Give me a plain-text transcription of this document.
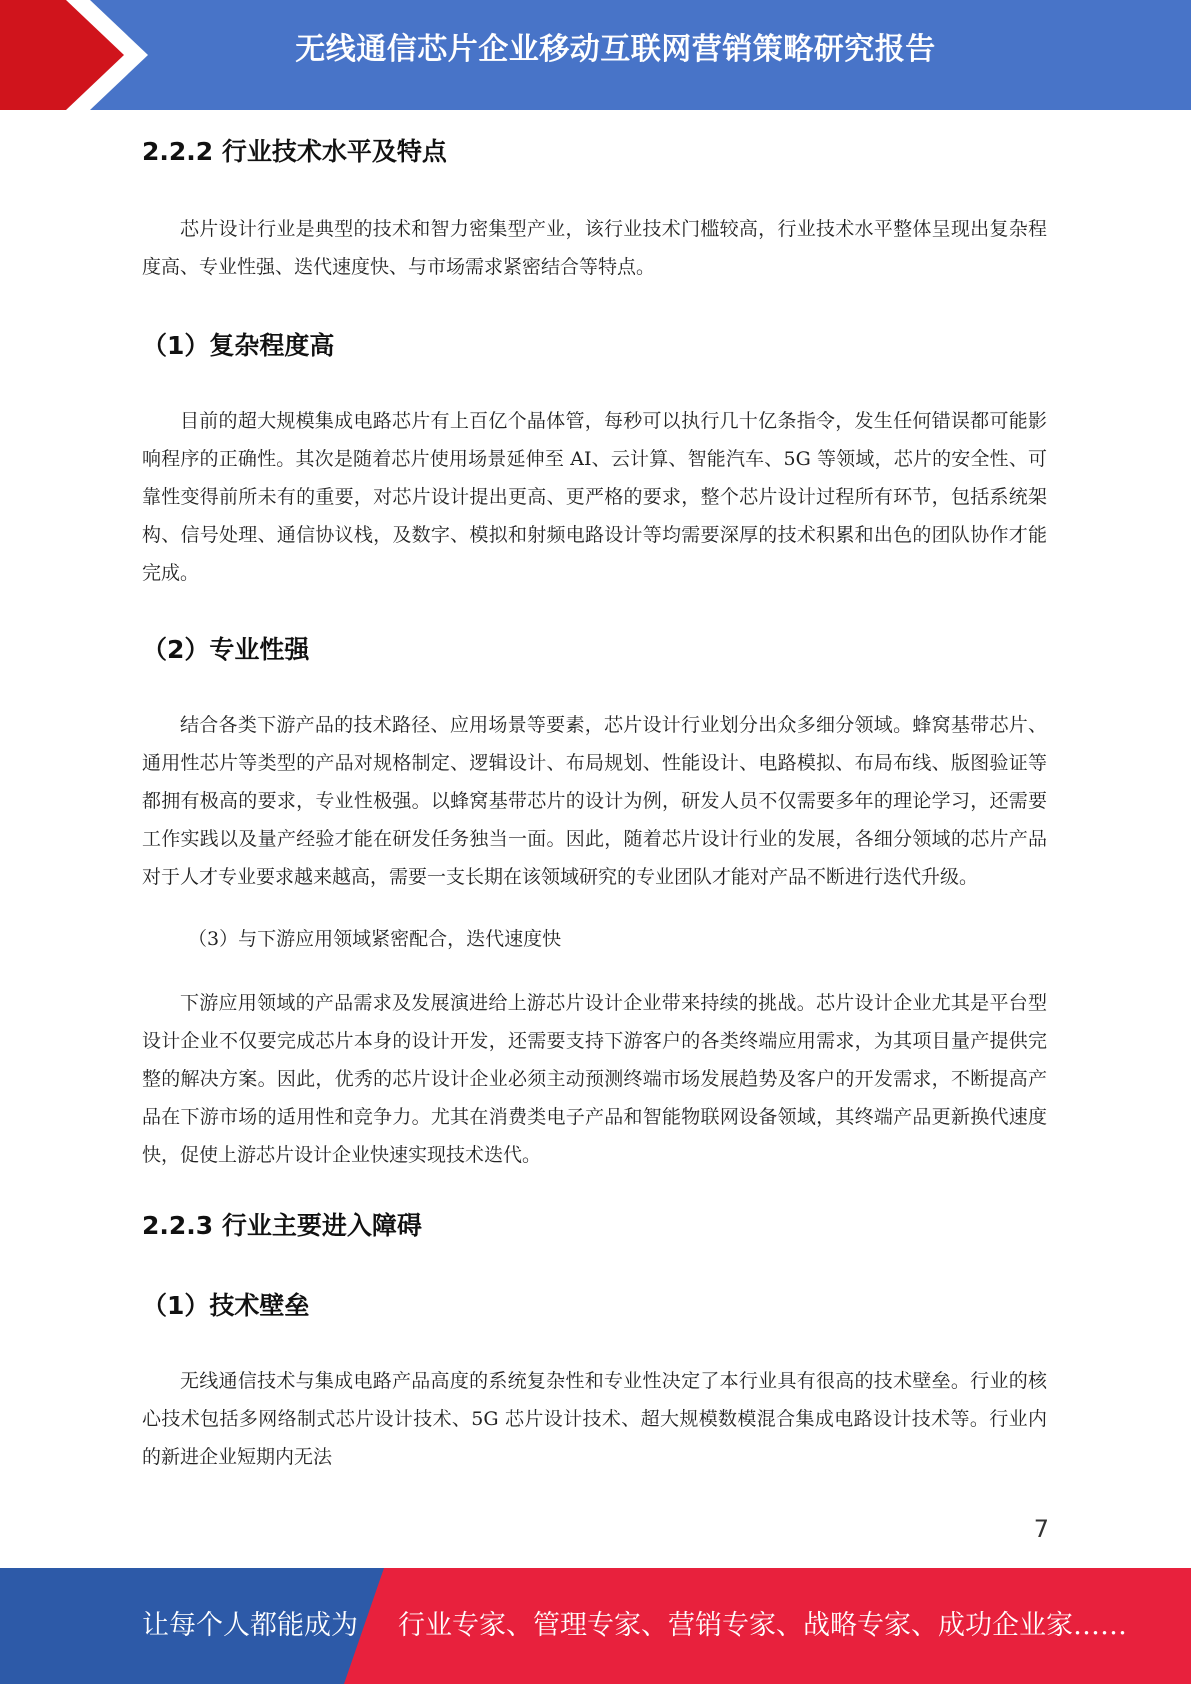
无线通信芯片企业移动互联网营销策略研究报告
2.2.2 行业技术水平及特点

芯片设计行业是典型的技术和智力密集型产业，该行业技术门槛较高，行业技术水平整体呈现出复杂程度高、专业性强、迭代速度快、与市场需求紧密结合等特点。

（1）复杂程度高

目前的超大规模集成电路芯片有上百亿个晶体管，每秒可以执行几十亿条指令，发生任何错误都可能影响程序的正确性。其次是随着芯片使用场景延伸至 AI、云计算、智能汽车、5G 等领域，芯片的安全性、可靠性变得前所未有的重要，对芯片设计提出更高、更严格的要求，整个芯片设计过程所有环节，包括系统架构、信号处理、通信协议栈，及数字、模拟和射频电路设计等均需要深厚的技术积累和出色的团队协作才能完成。

（2）专业性强

结合各类下游产品的技术路径、应用场景等要素，芯片设计行业划分出众多细分领域。蜂窝基带芯片、通用性芯片等类型的产品对规格制定、逻辑设计、布局规划、性能设计、电路模拟、布局布线、版图验证等都拥有极高的要求，专业性极强。以蜂窝基带芯片的设计为例，研发人员不仅需要多年的理论学习，还需要工作实践以及量产经验才能在研发任务独当一面。因此，随着芯片设计行业的发展，各细分领域的芯片产品对于人才专业要求越来越高，需要一支长期在该领域研究的专业团队才能对产品不断进行迭代升级。

（3）与下游应用领域紧密配合，迭代速度快

下游应用领域的产品需求及发展演进给上游芯片设计企业带来持续的挑战。芯片设计企业尤其是平台型设计企业不仅要完成芯片本身的设计开发，还需要支持下游客户的各类终端应用需求，为其项目量产提供完整的解决方案。因此，优秀的芯片设计企业必须主动预测终端市场发展趋势及客户的开发需求，不断提高产品在下游市场的适用性和竞争力。尤其在消费类电子产品和智能物联网设备领域，其终端产品更新换代速度快，促使上游芯片设计企业快速实现技术迭代。

2.2.3 行业主要进入障碍
（1）技术壁垒

无线通信技术与集成电路产品高度的系统复杂性和专业性决定了本行业具有很高的技术壁垒。行业的核心技术包括多网络制式芯片设计技术、5G 芯片设计技术、超大规模数模混合集成电路设计技术等。行业内的新进企业短期内无法

7
让每个人都能成为 行业专家、管理专家、营销专家、战略专家、成功企业家……
